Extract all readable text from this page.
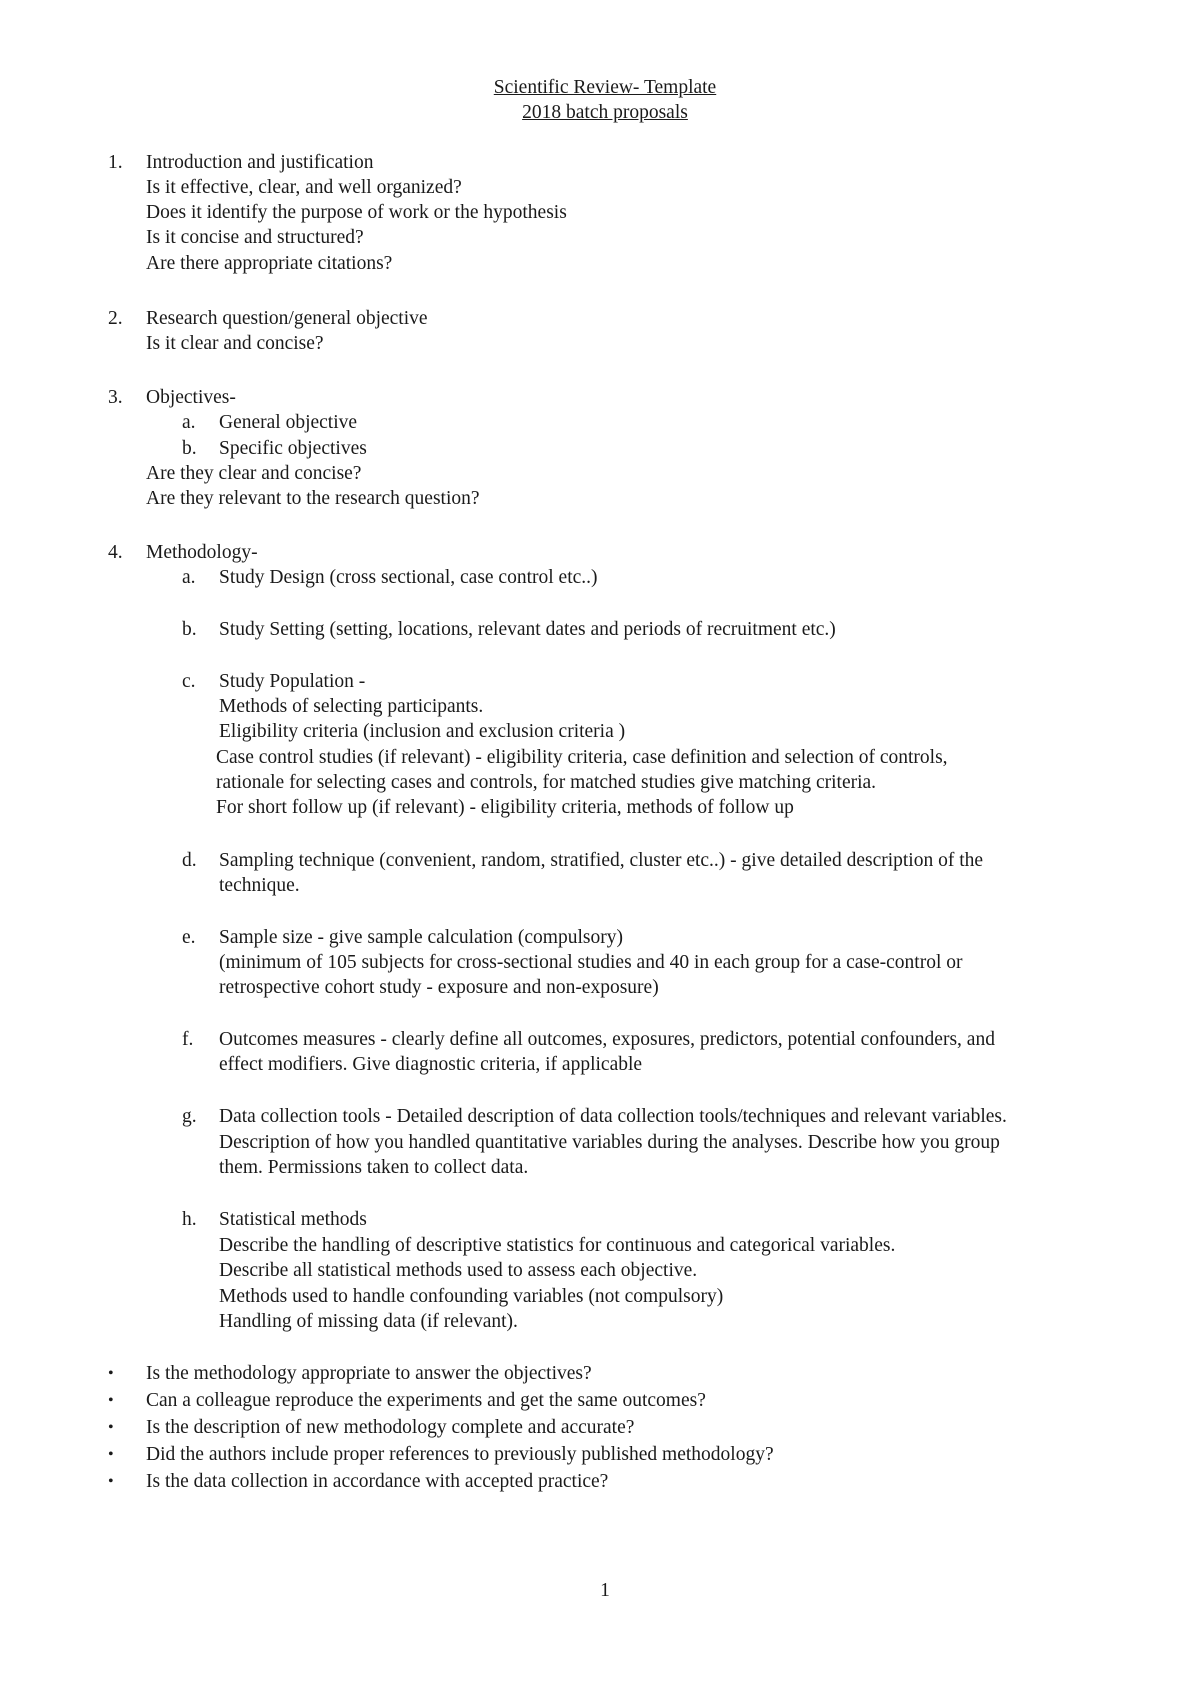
Scientific Review- Template
2018 batch proposals
1. Introduction and justification
Is it effective, clear, and well organized?
Does it identify the purpose of work or the hypothesis
Is it concise and structured?
Are there appropriate citations?
2. Research question/general objective
Is it clear and concise?
3. Objectives-
a. General objective
b. Specific objectives
Are they clear and concise?
Are they relevant to the research question?
4. Methodology-
a. Study Design (cross sectional, case control etc..)
b. Study Setting (setting, locations, relevant dates and periods of recruitment etc.)
c. Study Population -
Methods of selecting participants.
Eligibility criteria (inclusion and exclusion criteria )
Case control studies (if relevant) - eligibility criteria, case definition and selection of controls,
rationale for selecting cases and controls, for matched studies give matching criteria.
For short follow up (if relevant) - eligibility criteria, methods of follow up
d. Sampling technique (convenient, random, stratified, cluster etc..) - give detailed description of the
technique.
e. Sample size - give sample calculation (compulsory)
(minimum of 105 subjects for cross-sectional studies and 40 in each group for a case-control or
retrospective cohort study - exposure and non-exposure)
f. Outcomes measures - clearly define all outcomes, exposures, predictors, potential confounders, and
effect modifiers. Give diagnostic criteria, if applicable
g. Data collection tools - Detailed description of data collection tools/techniques and relevant variables.
Description of how you handled quantitative variables during the analyses. Describe how you group
them. Permissions taken to collect data.
h. Statistical methods
Describe the handling of descriptive statistics for continuous and categorical variables.
Describe all statistical methods used to assess each objective.
Methods used to handle confounding variables (not compulsory)
Handling of missing data (if relevant).
• Is the methodology appropriate to answer the objectives?
• Can a colleague reproduce the experiments and get the same outcomes?
• Is the description of new methodology complete and accurate?
• Did the authors include proper references to previously published methodology?
• Is the data collection in accordance with accepted practice?
1
